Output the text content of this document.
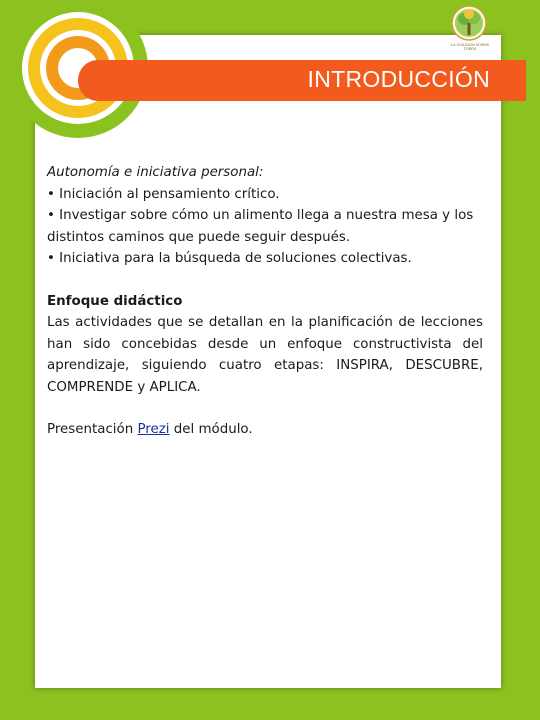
INTRODUCCIÓN
LA SOLUCIÓN SOMOS TODOS

Autonomía e iniciativa personal:

• Iniciación al pensamiento crítico.

• Investigar sobre cómo un alimento llega a nuestra mesa y los distintos caminos que puede seguir después.

• Iniciativa para la búsqueda de soluciones colectivas.

Enfoque didáctico

Las actividades que se detallan en la planificación de lecciones han sido concebidas desde un enfoque constructivista del aprendizaje, siguiendo cuatro etapas: INSPIRA, DESCUBRE, COMPRENDE y APLICA.

Presentación Prezi del módulo.
